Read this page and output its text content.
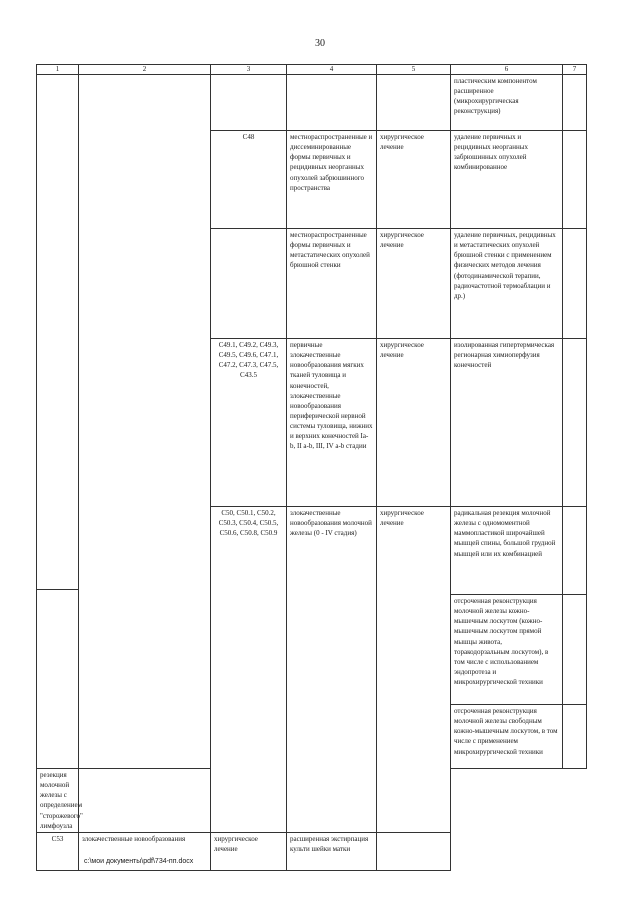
30
1	2	3	4	5	6	7

					пластическим компонентом расширенное (микрохирургическая реконструкция)	
		C48	местнораспространенные и диссеминированные формы первичных и рецидивных неорганных опухолей забрюшинного пространства	хирургическое лечение	удаление первичных и рецидивных неорганных забрюшинных опухолей комбинированное	
			местнораспространенные формы первичных и метастатических опухолей брюшной стенки	хирургическое лечение	удаление первичных, рецидивных и метастатических опухолей брюшной стенки с применением физических методов лечения (фотодинамической терапии, радиочастотной термоаблации и др.)	
		C49.1, C49.2, C49.3, C49.5, C49.6, C47.1, C47.2, C47.3, C47.5, C43.5	первичные злокачественные новообразования мягких тканей туловища и конечностей, злокачественные новообразования периферической нервной системы туловища, нижних и верхних конечностей Ia-b, II a-b, III, IV a-b стадии	хирургическое лечение	изолированная гипертермическая регионарная химиоперфузия конечностей	
		C50, C50.1, C50.2, C50.3, C50.4, C50.5, C50.6, C50.8, C50.9	злокачественные новообразования молочной железы (0 - IV стадия)	хирургическое лечение	радикальная резекция молочной железы с одномоментной маммопластикой широчайшей мышцей спины, большой грудной мышцей или их комбинацией	
					отсроченная реконструкция молочной железы кожно-мышечным лоскутом (кожно-мышечным лоскутом прямой мышцы живота, торакодорзальным лоскутом), в том числе с использованием эндопротеза и микрохирургической техники	
					отсроченная реконструкция молочной железы свободным кожно-мышечным лоскутом, в том числе с применением микрохирургической техники	
резекция молочной железы с определением "сторожевого" лимфоузла						
C53	злокачественные новообразования	хирургическое лечение	расширенная экстирпация культи шейки матки			
c:\мои документы\pdf\734-пп.docx
